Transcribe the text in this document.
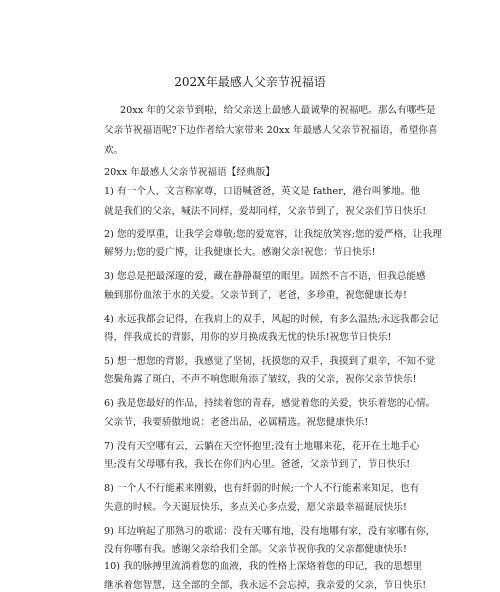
202X年最感人父亲节祝福语
20xx 年的父亲节到啦，给父亲送上最感人最诚挚的祝福吧。那么有哪些是
父亲节祝福语呢?下边作者给大家带来 20xx 年最感人父亲节祝福语，希望你喜
欢。
20xx 年最感人父亲节祝福语【经典版】
1) 有一个人，文言称家尊，口语喊爸爸，英文是 father，港台叫爹地。他
就是我们的父亲，喊法不同样，爱却同样，父亲节到了，祝父亲们节日快乐!
2) 您的爱厚重，让我学会尊敬;您的爱宽容，让我绽放笑容;您的爱严格，让我理
解努力;您的爱广博，让我健康长大。感谢父亲!祝您：节日快乐!
3) 您总是把最深邃的爱，藏在静静凝望的眼里。固然不言不语，但我总能感
触到那份血浓于水的关爱。父亲节到了，老爸，多珍重，祝您健康长寿!
4) 永远我都会记得，在我肩上的双手，风起的时候，有多么温热;永远我都会记
得，伴我成长的背影，用你的岁月换成我无忧的快乐!祝您节日快乐!
5) 想一想您的背影，我感觉了坚韧，抚摸您的双手，我摸到了艰辛，不知不觉
您鬓角露了斑白，不声不响您眼角添了皱纹，我的父亲，祝你父亲节快乐!
6) 我是您最好的作品，持续着您的青春，感觉着您的关爱，快乐着您的心情。
父亲节，我要骄傲地说：老爸出品，必属精选。祝您健康快乐!
7) 没有天空哪有云，云躺在天空怀抱里;没有土地哪来花，花开在土地手心
里;没有父母哪有我，我长在你们内心里。爸爸，父亲节到了，节日快乐!
8) 一个人不行能素来刚毅，也有纤弱的时候;一个人不行能素来知足，也有
失意的时候。今天诞辰快乐，多点关心多点爱，愿父亲最幸福诞辰快乐!
9) 耳边响起了那熟习的歌谣：没有天哪有地，没有地哪有家，没有家哪有你，
没有你哪有我。感谢父亲给我们全部。父亲节祝你我的父亲都健康快乐!
10) 我的脉搏里流淌着您的血液，我的性格上深烙着您的印记，我的思想里
继承着您智慧，这全部的全部，我永远不会忘掉，我亲爱的父亲，节日快乐!
